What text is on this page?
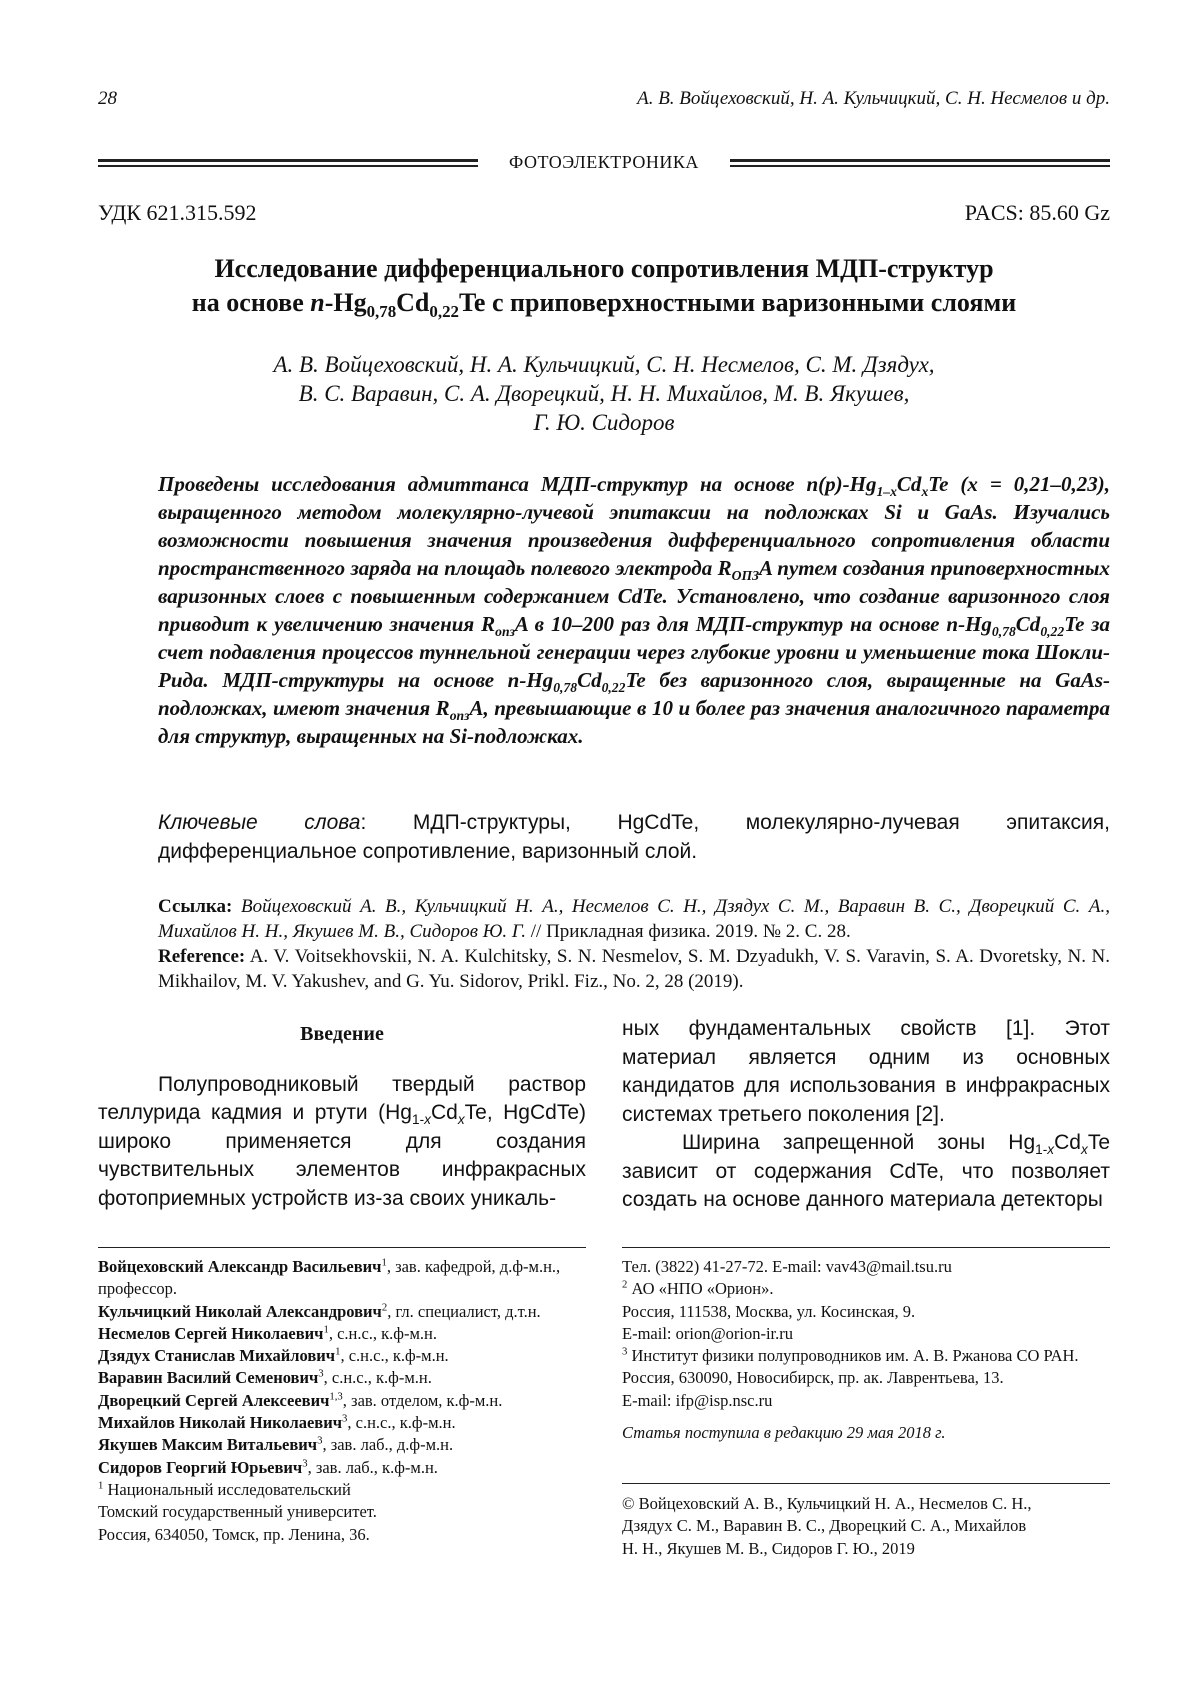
28	А. В. Войцеховский, Н. А. Кульчицкий, С. Н. Несмелов и др.
ФОТОЭЛЕКТРОНИКА
УДК 621.315.592	PACS: 85.60 Gz
Исследование дифференциального сопротивления МДП-структур
на основе n-Hg0,78Cd0,22Te с приповерхностными варизонными слоями
А. В. Войцеховский, Н. А. Кульчицкий, С. Н. Несмелов, С. М. Дзядух,
В. С. Варавин, С. А. Дворецкий, Н. Н. Михайлов, М. В. Якушев,
Г. Ю. Сидоров
Проведены исследования адмиттанса МДП-структур на основе n(p)-Hg1–xCdxTe (x = 0,21–0,23), выращенного методом молекулярно-лучевой эпитаксии на подложках Si и GaAs. Изучались возможности повышения значения произведения дифференциального сопротивления области пространственного заряда на площадь полевого электрода RОПЗA путем создания приповерхностных варизонных слоев с повышенным содержанием CdTe. Установлено, что создание варизонного слоя приводит к увеличению значения RопзA в 10–200 раз для МДП-структур на основе n-Hg0,78Cd0,22Te за счет подавления процессов туннельной генерации через глубокие уровни и уменьшение тока Шокли-Рида. МДП-структуры на основе n-Hg0,78Cd0,22Te без варизонного слоя, выращенные на GaAs-подложках, имеют значения RопзA, превышающие в 10 и более раз значения аналогичного параметра для структур, выращенных на Si-подложках.
Ключевые слова: МДП-структуры, HgCdTe, молекулярно-лучевая эпитаксия, дифференциальное сопротивление, варизонный слой.
Ссылка: Войцеховский А. В., Кульчицкий Н. А., Несмелов С. Н., Дзядух С. М., Варавин В. С., Дворецкий С. А., Михайлов Н. Н., Якушев М. В., Сидоров Ю. Г. // Прикладная физика. 2019. № 2. С. 28.
Reference: A. V. Voitsekhovskii, N. A. Kulchitsky, S. N. Nesmelov, S. M. Dzyadukh, V. S. Varavin, S. A. Dvoretsky, N. N. Mikhailov, M. V. Yakushev, and G. Yu. Sidorov, Prikl. Fiz., No. 2, 28 (2019).

Введение

Полупроводниковый твердый раствор теллурида кадмия и ртути (Hg1-xCdxTe, HgCdTe) широко применяется для создания чувствительных элементов инфракрасных фотоприемных устройств из-за своих уникаль-

ных фундаментальных свойств [1]. Этот материал является одним из основных кандидатов для использования в инфракрасных системах третьего поколения [2].

Ширина запрещенной зоны Hg1-xCdxTe зависит от содержания CdTe, что позволяет создать на основе данного материала детекторы

Войцеховский Александр Васильевич1, зав. кафедрой, д.ф-м.н., профессор.

Кульчицкий Николай Александрович2, гл. специалист, д.т.н.

Несмелов Сергей Николаевич1, с.н.с., к.ф-м.н.

Дзядух Станислав Михайлович1, с.н.с., к.ф-м.н.

Варавин Василий Семенович3, с.н.с., к.ф-м.н.

Дворецкий Сергей Алексеевич1,3, зав. отделом, к.ф-м.н.

Михайлов Николай Николаевич3, с.н.с., к.ф-м.н.

Якушев Максим Витальевич3, зав. лаб., д.ф-м.н.

Сидоров Георгий Юрьевич3, зав. лаб., к.ф-м.н.

1 Национальный исследовательский

Томский государственный университет.

Россия, 634050, Томск, пр. Ленина, 36.

Тел. (3822) 41-27-72. E-mail: vav43@mail.tsu.ru

2 АО «НПО «Орион».

Россия, 111538, Москва, ул. Косинская, 9.

E-mail: orion@orion-ir.ru

3 Институт физики полупроводников им. А. В. Ржанова СО РАН.

Россия, 630090, Новосибирск, пр. ак. Лаврентьева, 13.

E-mail: ifp@isp.nsc.ru

Статья поступила в редакцию 29 мая 2018 г.

© Войцеховский А. В., Кульчицкий Н. А., Несмелов С. Н., Дзядух С. М., Варавин В. С., Дворецкий С. А., Михайлов Н. Н., Якушев М. В., Сидоров Г. Ю., 2019
